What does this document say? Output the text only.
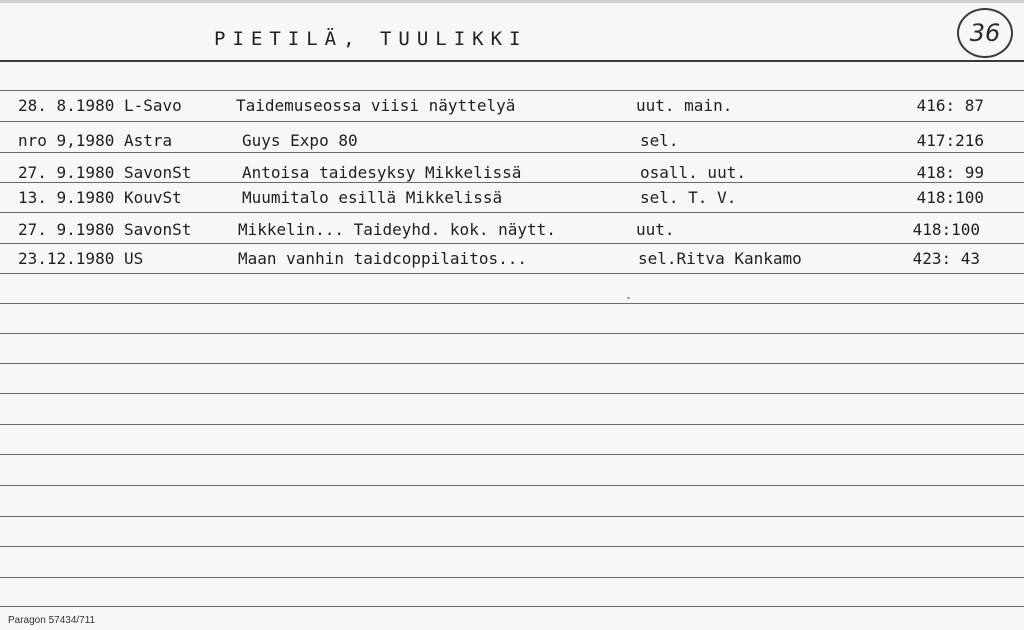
PIETILÄ, TUULIKKI	36
28. 8.1980 L-Savo	Taidemuseossa viisi näyttelyä	uut. main.	416: 87
nro 9,1980 Astra	Guys Expo 80	sel.	417:216
27. 9.1980 SavonSt	Antoisa taidesyksy Mikkelissä	osall. uut.	418: 99
13. 9.1980 KouvSt	Muumitalo esillä Mikkelissä	sel. T. V.	418:100
27. 9.1980 SavonSt	Mikkelin... Taideyhd. kok. näytt.	uut.	418:100
23.12.1980 US	Maan vanhin taidcoppilaitos...	sel.Ritva Kankamo	423: 43
Paragon 57434/711
